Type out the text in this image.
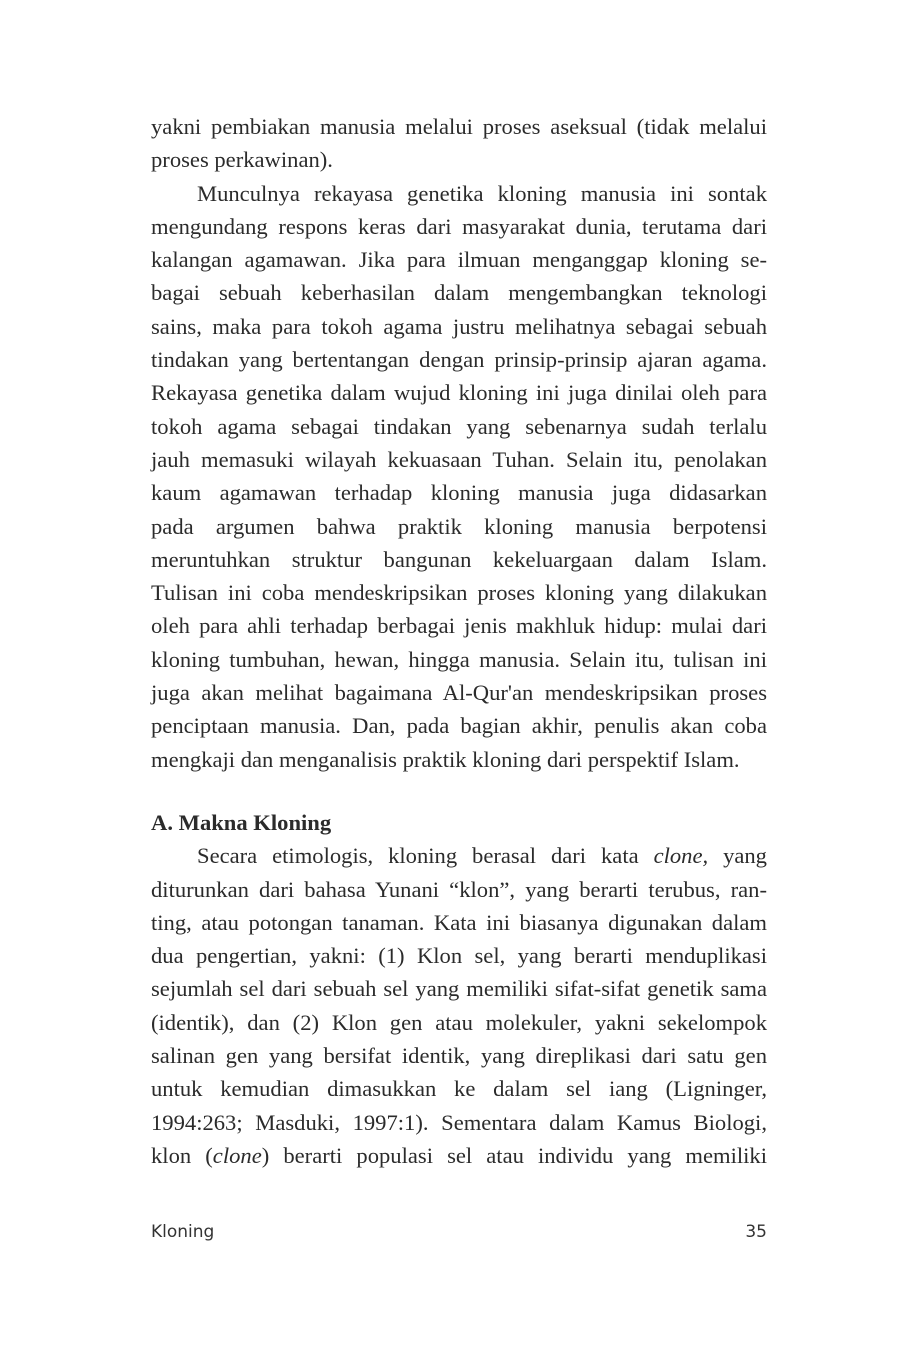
yakni pembiakan manusia melalui proses aseksual (tidak melalui
proses perkawinan).

Munculnya rekayasa genetika kloning manusia ini sontak
mengundang respons keras dari masyarakat dunia, terutama dari
kalangan agamawan. Jika para ilmuan menganggap kloning se-
bagai sebuah keberhasilan dalam mengembangkan teknologi
sains, maka para tokoh agama justru melihatnya sebagai sebuah
tindakan yang bertentangan dengan prinsip-prinsip ajaran agama.
Rekayasa genetika dalam wujud kloning ini juga dinilai oleh para
tokoh agama sebagai tindakan yang sebenarnya sudah terlalu
jauh memasuki wilayah kekuasaan Tuhan. Selain itu, penolakan
kaum agamawan terhadap kloning manusia juga didasarkan
pada argumen bahwa praktik kloning manusia berpotensi
meruntuhkan struktur bangunan kekeluargaan dalam Islam.
Tulisan ini coba mendeskripsikan proses kloning yang dilakukan
oleh para ahli terhadap berbagai jenis makhluk hidup: mulai dari
kloning tumbuhan, hewan, hingga manusia. Selain itu, tulisan ini
juga akan melihat bagaimana Al-Qur'an mendeskripsikan proses
penciptaan manusia. Dan, pada bagian akhir, penulis akan coba
mengkaji dan menganalisis praktik kloning dari perspektif Islam.

A. Makna Kloning

Secara etimologis, kloning berasal dari kata clone, yang
diturunkan dari bahasa Yunani “klon”, yang berarti terubus, ran-
ting, atau potongan tanaman. Kata ini biasanya digunakan dalam
dua pengertian, yakni: (1) Klon sel, yang berarti menduplikasi
sejumlah sel dari sebuah sel yang memiliki sifat-sifat genetik sama
(identik), dan (2) Klon gen atau molekuler, yakni sekelompok
salinan gen yang bersifat identik, yang direplikasi dari satu gen
untuk kemudian dimasukkan ke dalam sel iang (Ligninger,
1994:263; Masduki, 1997:1). Sementara dalam Kamus Biologi,
klon (clone) berarti populasi sel atau individu yang memiliki

Kloning	35
